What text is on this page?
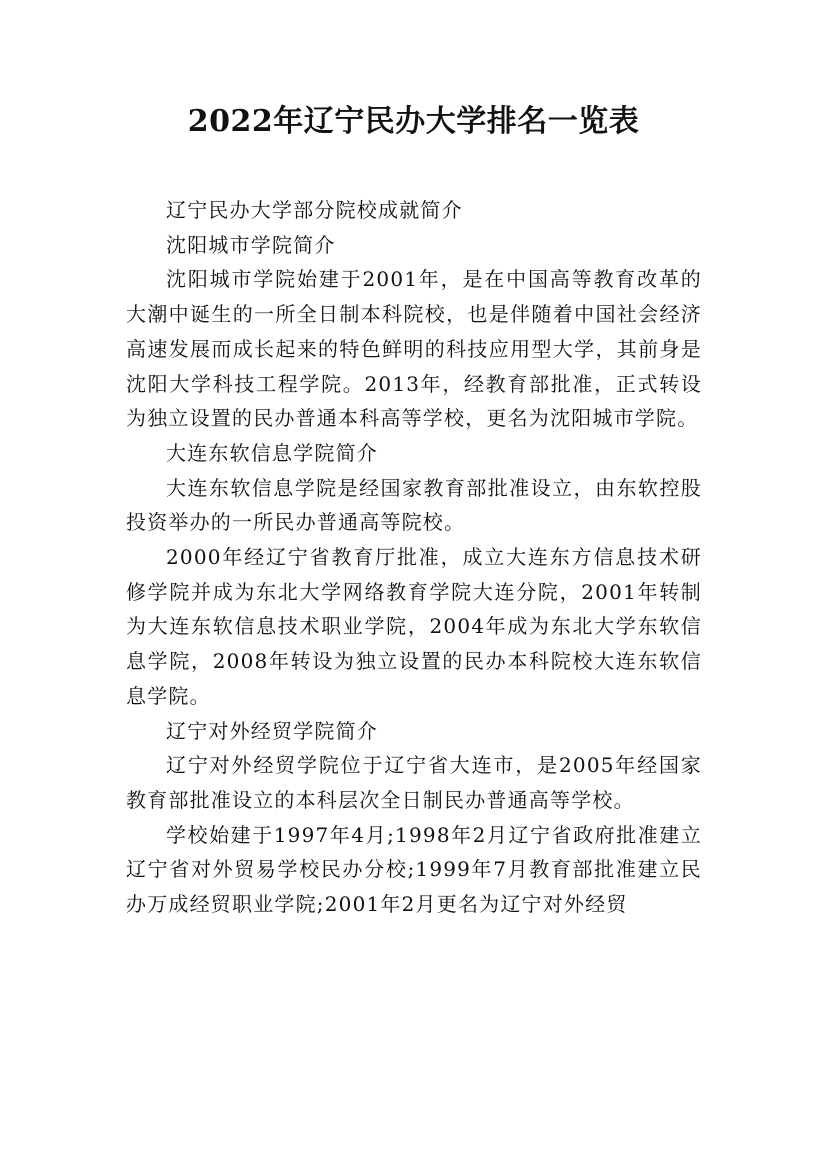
2022年辽宁民办大学排名一览表

辽宁民办大学部分院校成就简介

沈阳城市学院简介

沈阳城市学院始建于2001年，是在中国高等教育改革的大潮中诞生的一所全日制本科院校，也是伴随着中国社会经济高速发展而成长起来的特色鲜明的科技应用型大学，其前身是沈阳大学科技工程学院。2013年，经教育部批准，正式转设为独立设置的民办普通本科高等学校，更名为沈阳城市学院。

大连东软信息学院简介

大连东软信息学院是经国家教育部批准设立，由东软控股投资举办的一所民办普通高等院校。

2000年经辽宁省教育厅批准，成立大连东方信息技术研修学院并成为东北大学网络教育学院大连分院，2001年转制为大连东软信息技术职业学院，2004年成为东北大学东软信息学院，2008年转设为独立设置的民办本科院校大连东软信息学院。

辽宁对外经贸学院简介

辽宁对外经贸学院位于辽宁省大连市，是2005年经国家教育部批准设立的本科层次全日制民办普通高等学校。

学校始建于1997年4月;1998年2月辽宁省政府批准建立辽宁省对外贸易学校民办分校;1999年7月教育部批准建立民办万成经贸职业学院;2001年2月更名为辽宁对外经贸
